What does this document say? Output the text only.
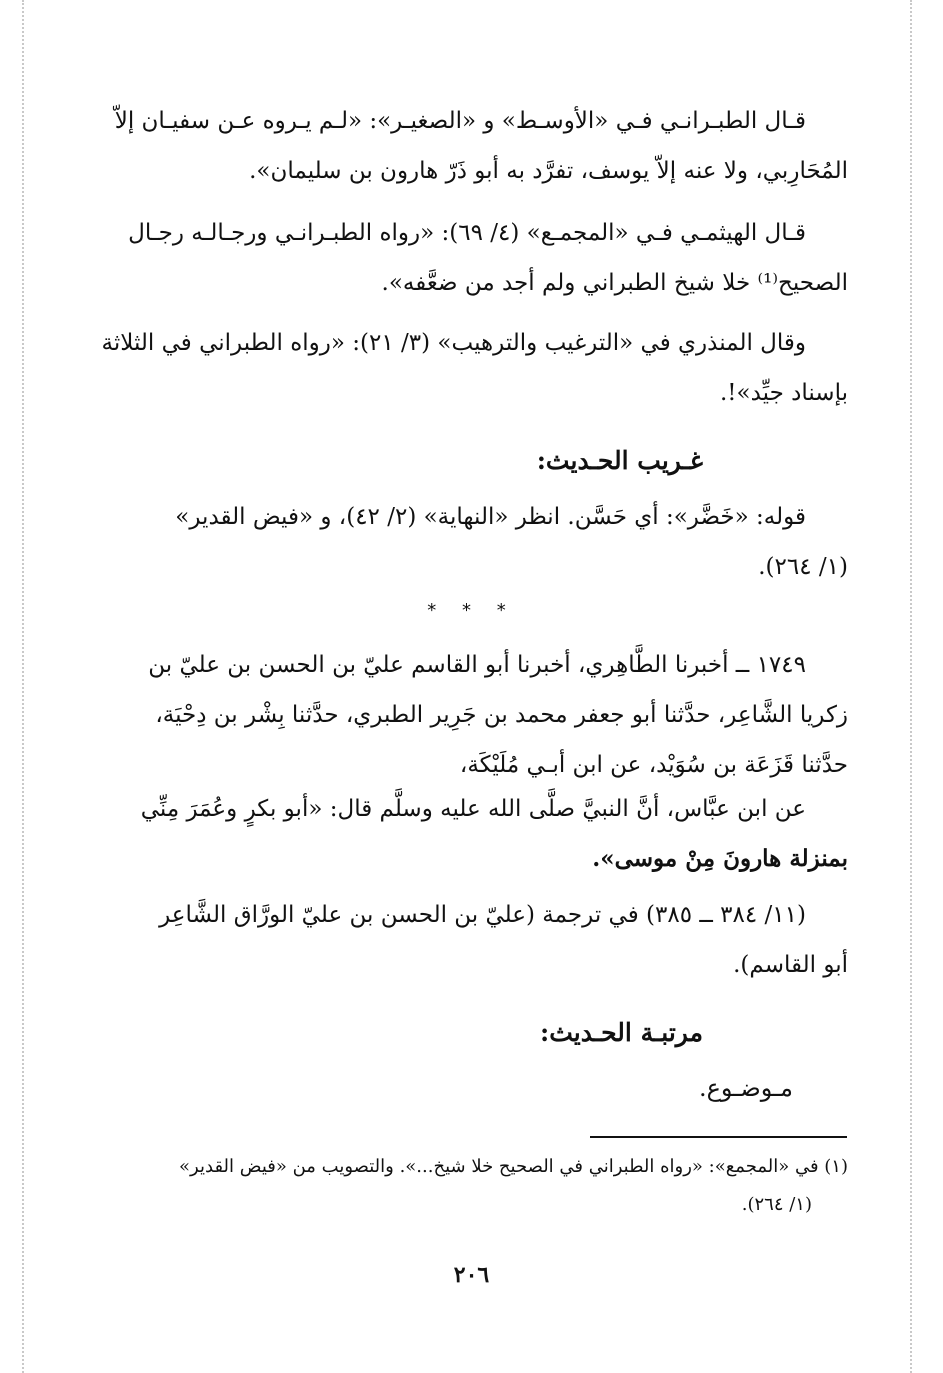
قـال الطبـرانـي فـي «الأوسـط» و «الصغيـر»: «لـم يـروه عـن سفيـان إلاّ
المُحَارِبي، ولا عنه إلاّ يوسف، تفرَّد به أبو ذَرّ هارون بن سليمان».
قـال الهيثمـي فـي «المجمـع» (٤/ ٦٩): «رواه الطبـرانـي ورجـالـه رجـال
الصحيح⁽¹⁾ خلا شيخ الطبراني ولم أجد من ضعَّفه».
وقال المنذري في «الترغيب والترهيب» (٣/ ٢١): «رواه الطبراني في الثلاثة
بإسناد جيِّد»!.
غـريب الحـديث:
قوله: «خَضَّر»: أي حَسَّن. انظر «النهاية» (٢/ ٤٢)، و «فيض القدير»
(١/ ٢٦٤).
* * *
١٧٤٩ ــ أخبرنا الطَّاهِري، أخبرنا أبو القاسم عليّ بن الحسن بن عليّ بن
زكريا الشَّاعِر، حدَّثنا أبو جعفر محمد بن جَرِير الطبري، حدَّثنا بِشْر بن دِحْيَة،
حدَّثنا قَزَعَة بن سُوَيْد، عن ابن أبـي مُلَيْكَة،
عن ابن عبَّاس، أنَّ النبيَّ صلَّى الله عليه وسلَّم قال: «أبو بكرٍ وعُمَرَ مِنِّي
بمنزلة هارونَ مِنْ موسى».
(١١/ ٣٨٤ ــ ٣٨٥) في ترجمة (عليّ بن الحسن بن عليّ الورَّاق الشَّاعِر
أبو القاسم).
مرتبـة الحـديث:
مـوضـوع.
(١) في «المجمع»: «رواه الطبراني في الصحيح خلا شيخ...». والتصويب من «فيض القدير»
(١/ ٢٦٤).
٢٠٦
